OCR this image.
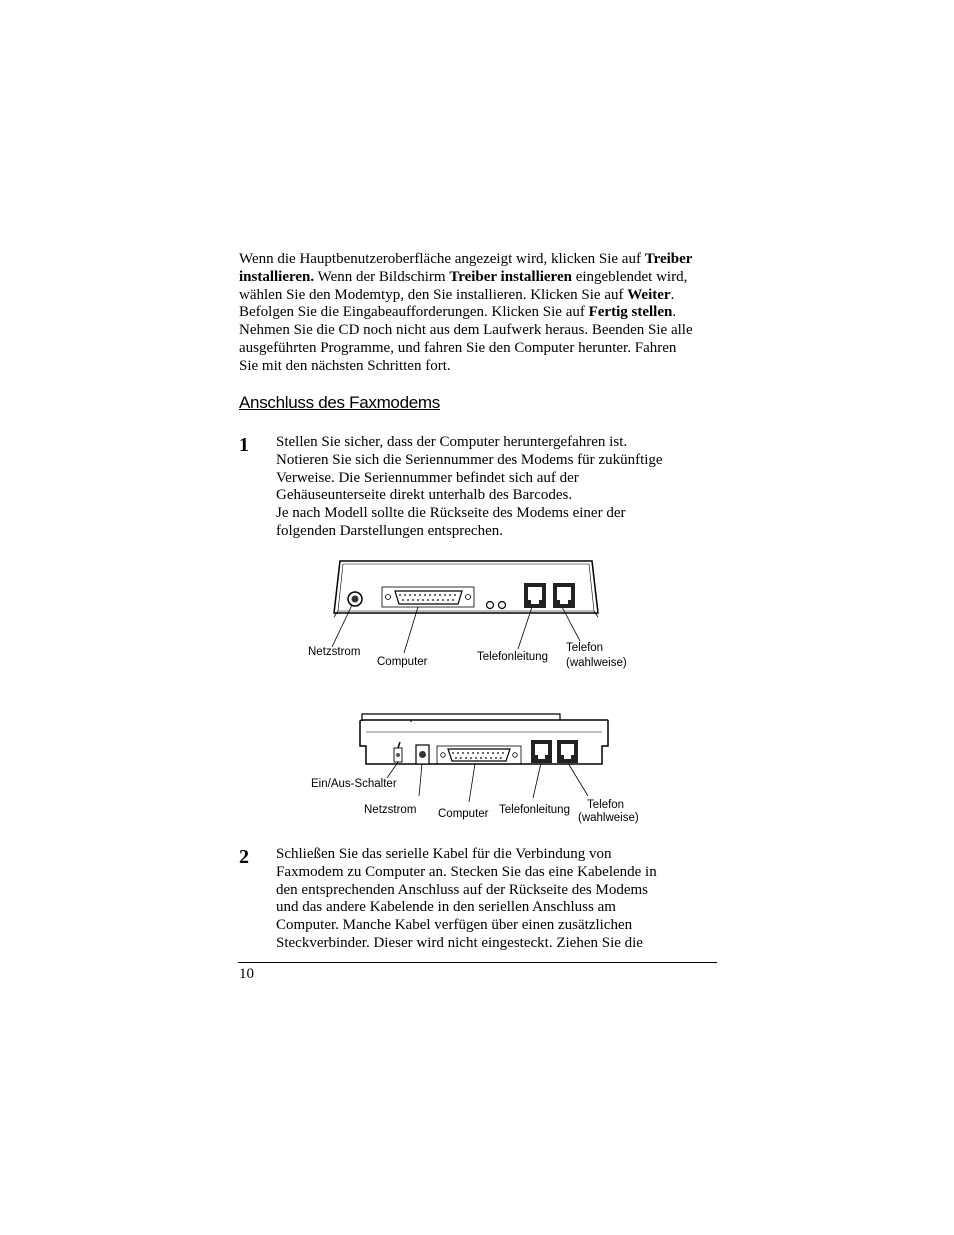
Wenn die Hauptbenutzeroberfläche angezeigt wird, klicken Sie auf Treiber
installieren. Wenn der Bildschirm Treiber installieren eingeblendet wird,
wählen Sie den Modemtyp, den Sie installieren. Klicken Sie auf Weiter.
Befolgen Sie die Eingabeaufforderungen. Klicken Sie auf Fertig stellen.
Nehmen Sie die CD noch nicht aus dem Laufwerk heraus. Beenden Sie alle
ausgeführten Programme, und fahren Sie den Computer herunter. Fahren
Sie mit den nächsten Schritten fort.

Anschluss des Faxmodems
1 Stellen Sie sicher, dass der Computer heruntergefahren ist.
Notieren Sie sich die Seriennummer des Modems für zukünftige
Verweise. Die Seriennummer befindet sich auf der
Gehäuseunterseite direkt unterhalb des Barcodes.
Je nach Modell sollte die Rückseite des Modems einer der
folgenden Darstellungen entsprechen.

Netzstrom
Computer	Telefonleitung
Telefon
(wahlweise)
Ein/Aus-Schalter
Netzstrom Computer Telefonleitung Telefon
(wahlweise)
2 Schließen Sie das serielle Kabel für die Verbindung von
Faxmodem zu Computer an. Stecken Sie das eine Kabelende in
den entsprechenden Anschluss auf der Rückseite des Modems
und das andere Kabelende in den seriellen Anschluss am
Computer. Manche Kabel verfügen über einen zusätzlichen
Steckverbinder. Dieser wird nicht eingesteckt. Ziehen Sie die

10
